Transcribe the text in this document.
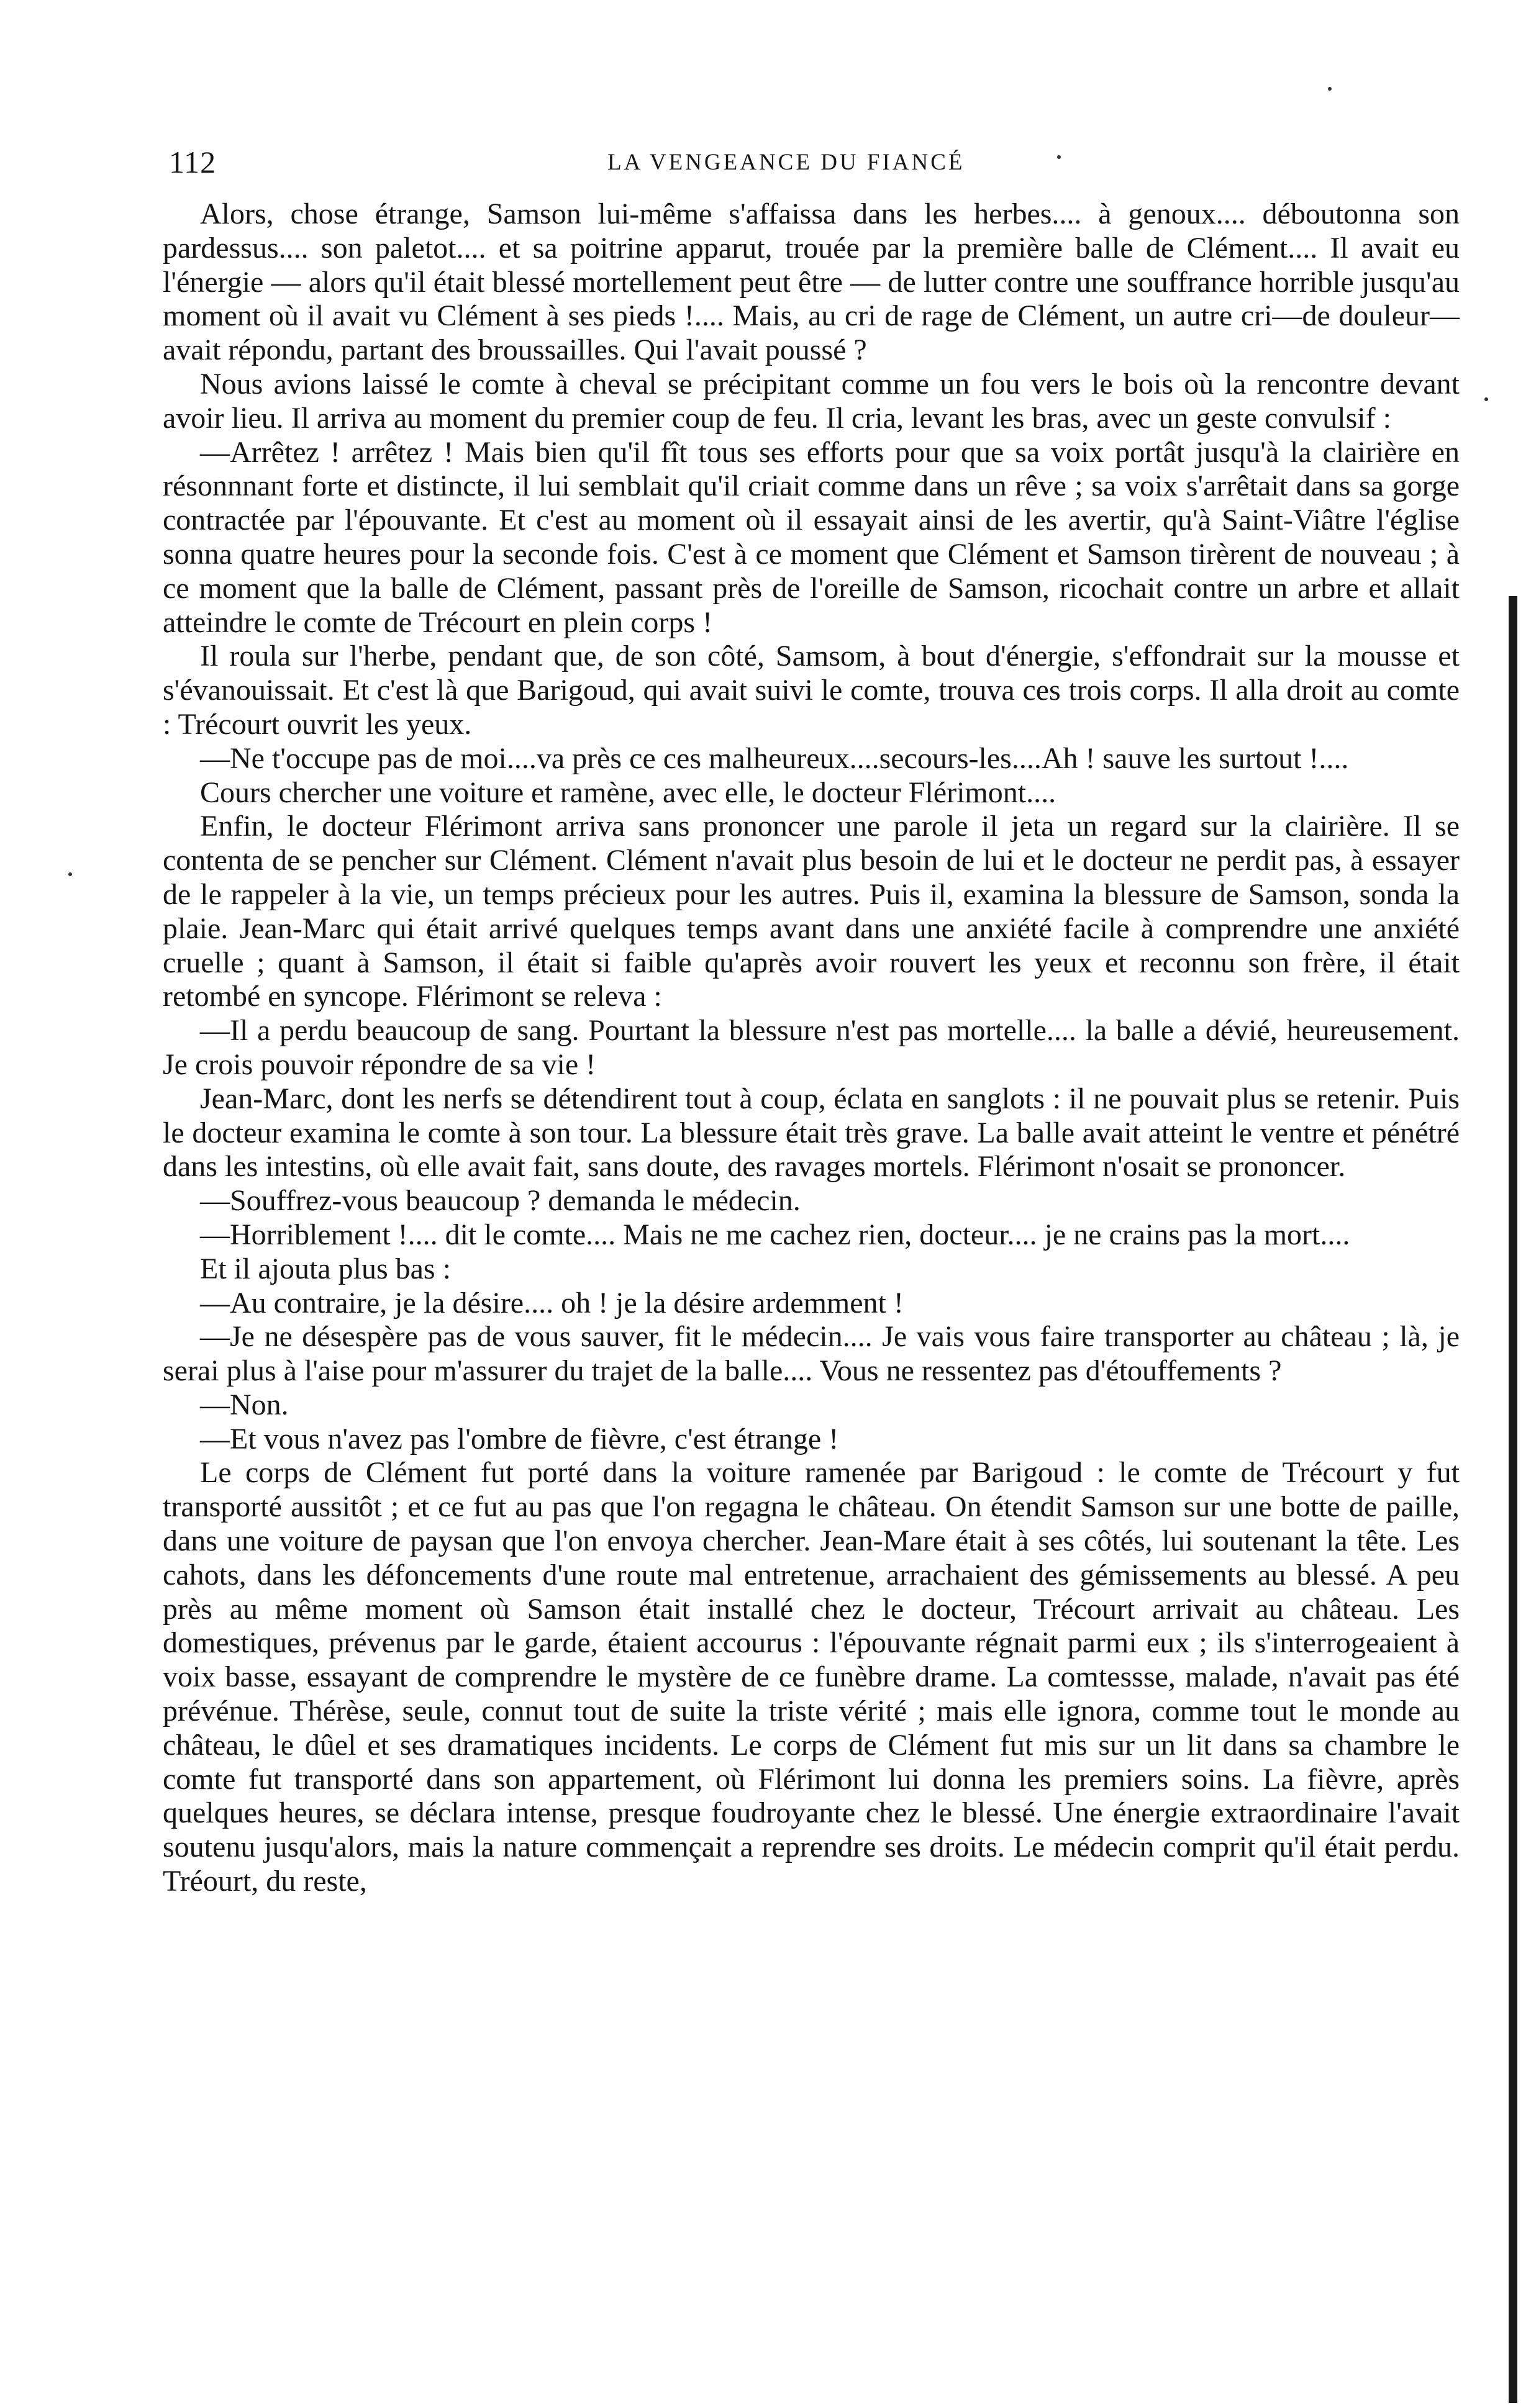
112	LA VENGEANCE DU FIANCÉ

Alors, chose étrange, Samson lui-même s'affaissa dans les herbes.... à genoux.... déboutonna son pardessus.... son paletot.... et sa poitrine apparut, trouée par la première balle de Clément.... Il avait eu l'énergie — alors qu'il était blessé mortellement peut être — de lutter contre une souffrance horrible jusqu'au moment où il avait vu Clément à ses pieds !.... Mais, au cri de rage de Clément, un autre cri—de douleur—avait répondu, partant des broussailles. Qui l'avait poussé ?

Nous avions laissé le comte à cheval se précipitant comme un fou vers le bois où la rencontre devant avoir lieu. Il arriva au moment du premier coup de feu. Il cria, levant les bras, avec un geste convulsif :

—Arrêtez ! arrêtez ! Mais bien qu'il fît tous ses efforts pour que sa voix portât jusqu'à la clairière en résonnnant forte et distincte, il lui semblait qu'il criait comme dans un rêve ; sa voix s'arrêtait dans sa gorge contractée par l'épouvante. Et c'est au moment où il essayait ainsi de les avertir, qu'à Saint-Viâtre l'église sonna quatre heures pour la seconde fois. C'est à ce moment que Clément et Samson tirèrent de nouveau ; à ce moment que la balle de Clément, passant près de l'oreille de Samson, ricochait contre un arbre et allait atteindre le comte de Trécourt en plein corps !

Il roula sur l'herbe, pendant que, de son côté, Samsom, à bout d'énergie, s'effondrait sur la mousse et s'évanouissait. Et c'est là que Barigoud, qui avait suivi le comte, trouva ces trois corps. Il alla droit au comte : Trécourt ouvrit les yeux.

—Ne t'occupe pas de moi....va près ce ces malheureux....secours-les....Ah ! sauve les surtout !....

Cours chercher une voiture et ramène, avec elle, le docteur Flérimont....

Enfin, le docteur Flérimont arriva sans prononcer une parole il jeta un regard sur la clairière. Il se contenta de se pencher sur Clément. Clément n'avait plus besoin de lui et le docteur ne perdit pas, à essayer de le rappeler à la vie, un temps précieux pour les autres. Puis il, examina la blessure de Samson, sonda la plaie. Jean-Marc qui était arrivé quelques temps avant dans une anxiété facile à comprendre une anxiété cruelle ; quant à Samson, il était si faible qu'après avoir rouvert les yeux et reconnu son frère, il était retombé en syncope. Flérimont se releva :

—Il a perdu beaucoup de sang. Pourtant la blessure n'est pas mortelle.... la balle a dévié, heureusement. Je crois pouvoir répondre de sa vie !

Jean-Marc, dont les nerfs se détendirent tout à coup, éclata en sanglots : il ne pouvait plus se retenir. Puis le docteur examina le comte à son tour. La blessure était très grave. La balle avait atteint le ventre et pénétré dans les intestins, où elle avait fait, sans doute, des ravages mortels. Flérimont n'osait se prononcer.

—Souffrez-vous beaucoup ? demanda le médecin.

—Horriblement !.... dit le comte.... Mais ne me cachez rien, docteur.... je ne crains pas la mort....

Et il ajouta plus bas :

—Au contraire, je la désire.... oh ! je la désire ardemment !

—Je ne désespère pas de vous sauver, fit le médecin.... Je vais vous faire transporter au château ; là, je serai plus à l'aise pour m'assurer du trajet de la balle.... Vous ne ressentez pas d'étouffements ?

—Non.

—Et vous n'avez pas l'ombre de fièvre, c'est étrange !

Le corps de Clément fut porté dans la voiture ramenée par Barigoud : le comte de Trécourt y fut transporté aussitôt ; et ce fut au pas que l'on regagna le château. On étendit Samson sur une botte de paille, dans une voiture de paysan que l'on envoya chercher. Jean-Mare était à ses côtés, lui soutenant la tête. Les cahots, dans les défoncements d'une route mal entretenue, arrachaient des gémissements au blessé. A peu près au même moment où Samson était installé chez le docteur, Trécourt arrivait au château. Les domestiques, prévenus par le garde, étaient accourus : l'épouvante régnait parmi eux ; ils s'interrogeaient à voix basse, essayant de comprendre le mystère de ce funèbre drame. La comtessse, malade, n'avait pas été prévénue. Thérèse, seule, connut tout de suite la triste vérité ; mais elle ignora, comme tout le monde au château, le dûel et ses dramatiques incidents. Le corps de Clément fut mis sur un lit dans sa chambre le comte fut transporté dans son appartement, où Flérimont lui donna les premiers soins. La fièvre, après quelques heures, se déclara intense, presque foudroyante chez le blessé. Une énergie extraordinaire l'avait soutenu jusqu'alors, mais la nature commençait a reprendre ses droits. Le médecin comprit qu'il était perdu. Tréourt, du reste,
